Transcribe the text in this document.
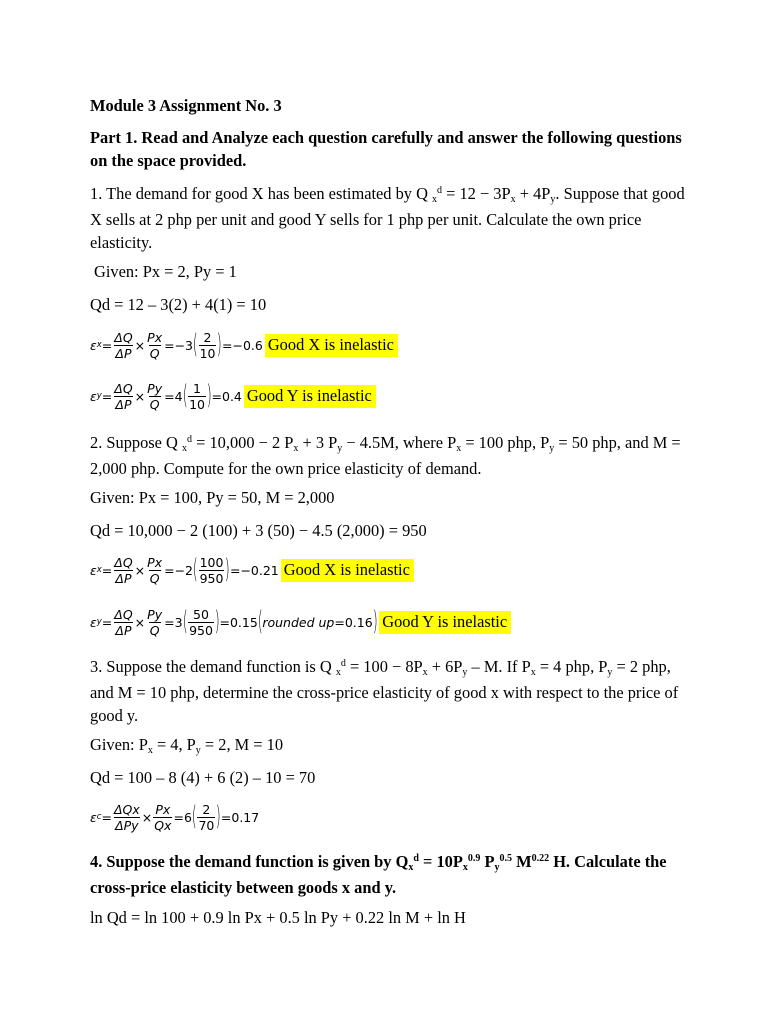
Module 3 Assignment No. 3

Part 1. Read and Analyze each question carefully and answer the following questions on the space provided.

1. The demand for good X has been estimated by Q $x^d = 12 - 3Px + 4Py$. Suppose that good X sells at 2 php per unit and good Y sells for 1 php per unit. Calculate the own price elasticity.

Given: Px = 2, Py = 1

Qd = 12 – 3(2) + 4(1) = 10

ε $x = \frac{\Delta Q}{\Delta P} \times \frac{Px}{Q} = -3$ ( $\frac{2}{10}$ ) =−0.6 Good X is inelastic
ε $y = \frac{\Delta Q}{\Delta P} \times \frac{Py}{Q} = 4$ ( $\frac{1}{10}$ ) =0.4 Good Y is inelastic

2. Suppose Q $x^d = 10,000 - 2$ Px + 3 Py − 4.5M, where Px = 100 php, Py = 50 php, and M = 2,000 php. Compute for the own price elasticity of demand.

Given: Px = 100, Py = 50, M = 2,000

Qd = 10,000 − 2 (100) + 3 (50) − 4.5 (2,000) = 950

ε $x = \frac{\Delta Q}{\Delta P} \times \frac{Px}{Q} = -2$ ( $\frac{100}{950}$ ) =−0.21 Good X is inelastic
ε $y = \frac{\Delta Q}{\Delta P} \times \frac{Py}{Q} = 3$ ( $\frac{50}{950}$ ) =0.15 ( rounded up =0.16 ) Good Y is inelastic

3. Suppose the demand function is Q $x^d = 100 - 8Px + 6Py - M$. If Px = 4 php, Py = 2 php, and M = 10 php, determine the cross-price elasticity of good x with respect to the price of good y.

Given: Px = 4, Py = 2, M = 10

Qd = 100 – 8 (4) + 6 (2) – 10 = 70

ε $c = \frac{\text{ΔQx}}{\text{ΔPy}} \times \frac{Px}{Qx} = 6$ ( $\frac{2}{70}$ ) =0.17

4. Suppose the demand function is given by $Qx^d = 10Px^{0.9}$ $Py^{0.5}$ $M^{0.22}$ H. Calculate the cross-price elasticity between goods x and y.

ln Qd = ln 100 + 0.9 ln Px + 0.5 ln Py + 0.22 ln M + ln H
